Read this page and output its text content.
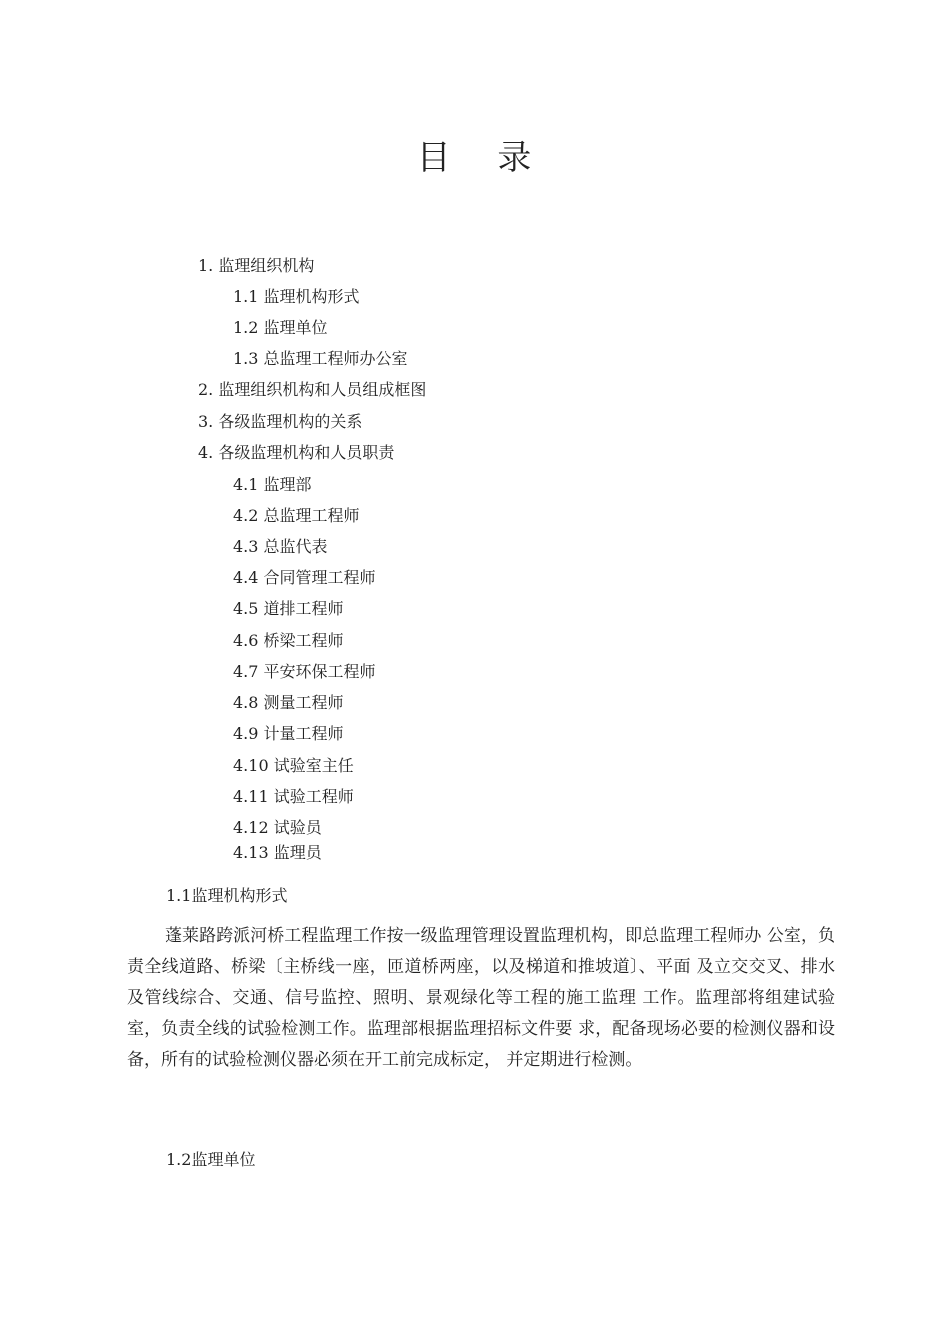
目 录
1. 监理组织机构
1.1 监理机构形式
1.2 监理单位
1.3 总监理工程师办公室
2. 监理组织机构和人员组成框图
3. 各级监理机构的关系
4. 各级监理机构和人员职责
4.1 监理部
4.2 总监理工程师
4.3 总监代表
4.4 合同管理工程师
4.5 道排工程师
4.6 桥梁工程师
4.7 平安环保工程师
4.8 测量工程师
4.9 计量工程师
4.10 试验室主任
4.11 试验工程师
4.12 试验员
4.13 监理员
1.1监理机构形式
蓬莱路跨派河桥工程监理工作按一级监理管理设置监理机构，即总监理工程师办 公室，负责全线道路、桥梁〔主桥线一座，匝道桥两座，以及梯道和推坡道〕、平面 及立交交叉、排水及管线综合、交通、信号监控、照明、景观绿化等工程的施工监理 工作。监理部将组建试验室，负责全线的试验检测工作。监理部根据监理招标文件要 求，配备现场必要的检测仪器和设备，所有的试验检测仪器必须在开工前完成标定， 并定期进行检测。
1.2监理单位
